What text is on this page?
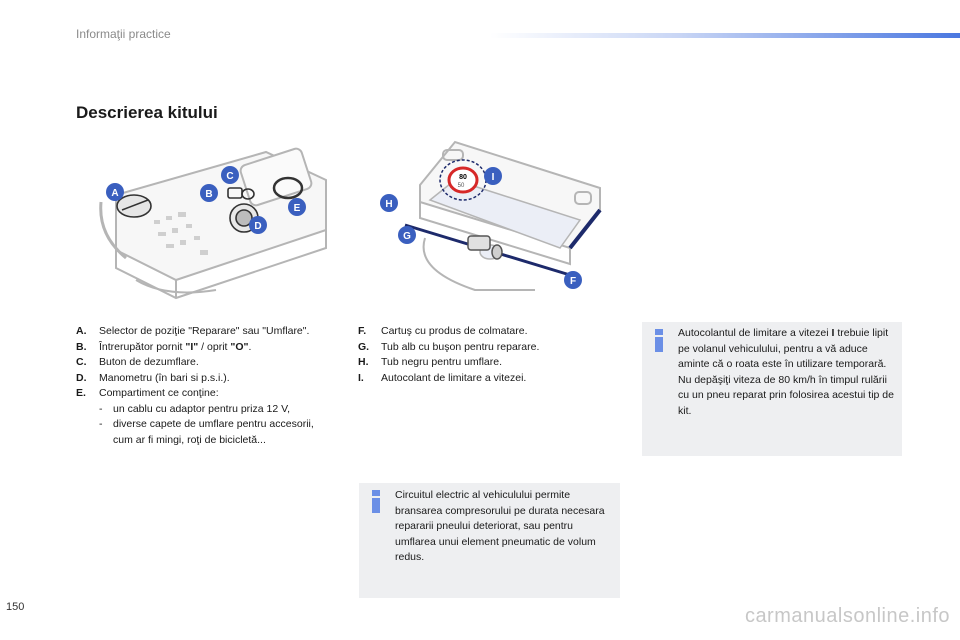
Informaţii practice
Descrierea kitului
A	B
C
D
E
80
50
I
H
G
F
A.	Selector de poziţie "Reparare" sau "Umflare".
B.	Întrerupător pornit "I" / oprit "O".
C.	Buton de dezumflare.
D.	Manometru (în bari si p.s.i.).
E.	Compartiment ce conţine:
-	un cablu cu adaptor pentru priza 12 V,
-	diverse capete de umflare pentru accesorii, cum ar fi mingi, roţi de bicicletă...
F.	Cartuş cu produs de colmatare.
G.	Tub alb cu buşon pentru reparare.
H.	Tub negru pentru umflare.
I.	Autocolant de limitare a vitezei.
Autocolantul de limitare a vitezei I trebuie lipit pe volanul vehiculului, pentru a vă aduce aminte că o roata este în utilizare temporară.
Nu depăşiţi viteza de 80 km/h în timpul rulării cu un pneu reparat prin folosirea acestui tip de kit.
Circuitul electric al vehiculului permite bransarea compresorului pe durata necesara repararii pneului deteriorat, sau pentru umflarea unui element pneumatic de volum redus.
150	carmanualsonline.info
